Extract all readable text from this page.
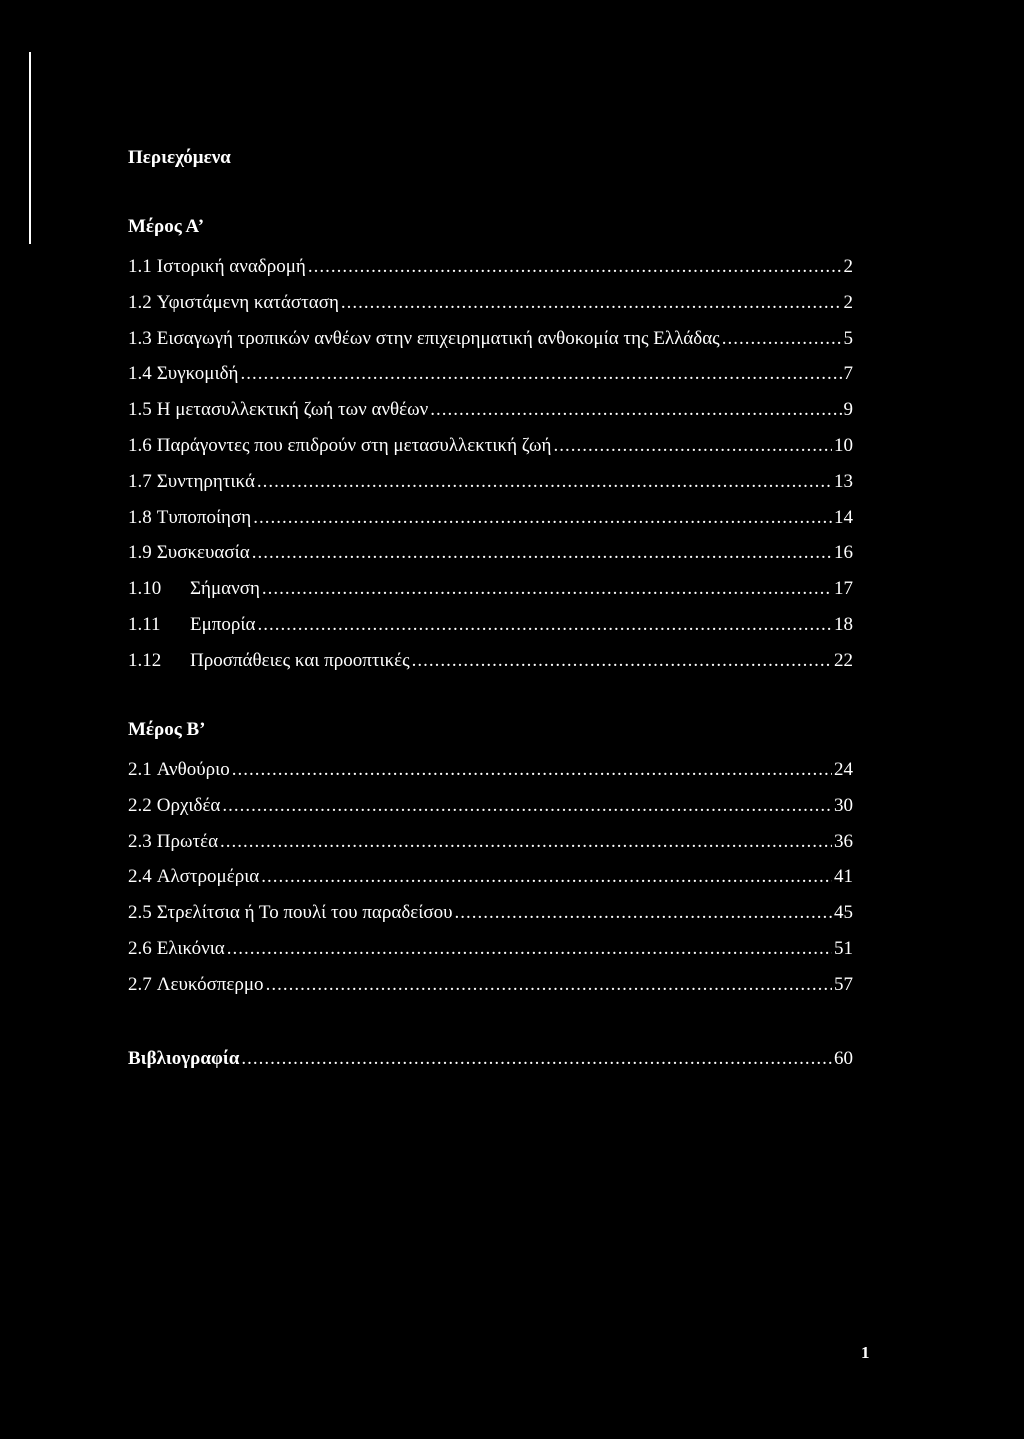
Περιεχόμενα
Μέρος Α’
1.1 Ιστορική αναδρομή .....	2
1.2 Υφιστάμενη κατάσταση .....	2
1.3 Εισαγωγή τροπικών ανθέων στην επιχειρηματική ανθοκομία της Ελλάδας .....	5
1.4 Συγκομιδή .....	7
1.5 Η μετασυλλεκτική ζωή των ανθέων .....	9
1.6 Παράγοντες που επιδρούν στη μετασυλλεκτική ζωή .....	10
1.7 Συντηρητικά .....	13
1.8 Τυποποίηση .....	14
1.9 Συσκευασία .....	16
1.10	Σήμανση .....	17
1.11	Εμπορία .....	18
1.12	Προσπάθειες και προοπτικές .....	22
Μέρος Β’
2.1 Ανθούριο .....	24
2.2 Ορχιδέα .....	30
2.3 Πρωτέα .....	36
2.4 Αλστρομέρια .....	41
2.5 Στρελίτσια ή Το πουλί του παραδείσου .....	45
2.6 Ελικόνια .....	51
2.7 Λευκόσπερμο .....	57
Βιβλιογραφία .....	60
1
